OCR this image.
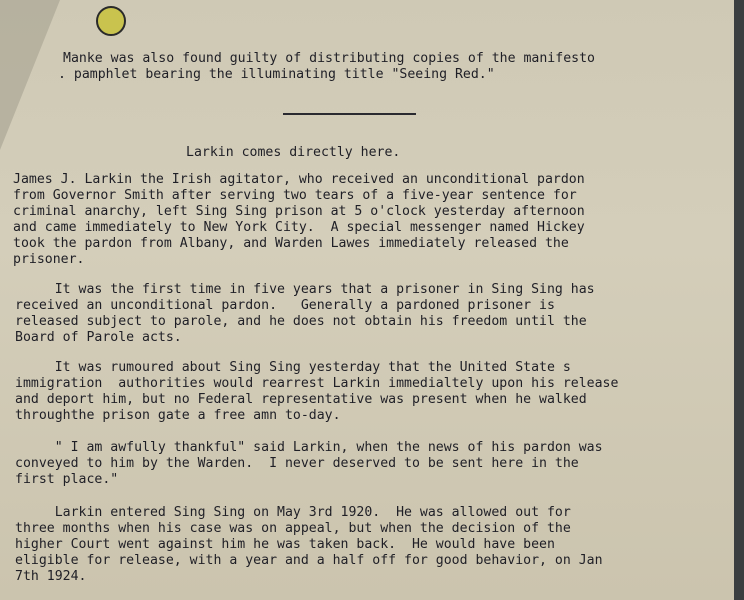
Manke was also found guilty of distributing copies of the manifesto
. pamphlet bearing the illuminating title "Seeing Red."
Larkin comes directly here.
James J. Larkin the Irish agitator, who received an unconditional pardon
from Governor Smith after serving two tears of a five-year sentence for
criminal anarchy, left Sing Sing prison at 5 o'clock yesterday afternoon
and came immediately to New York City.  A special messenger named Hickey
took the pardon from Albany, and Warden Lawes immediately released the
prisoner.
It was the first time in five years that a prisoner in Sing Sing has
received an unconditional pardon.   Generally a pardoned prisoner is
released subject to parole, and he does not obtain his freedom until the
Board of Parole acts.
It was rumoured about Sing Sing yesterday that the United State s
immigration  authorities would rearrest Larkin immedialtely upon his release
and deport him, but no Federal representative was present when he walked
throughthe prison gate a free amn to-day.
" I am awfully thankful" said Larkin, when the news of his pardon was
conveyed to him by the Warden.  I never deserved to be sent here in the
first place."
Larkin entered Sing Sing on May 3rd 1920.  He was allowed out for
three months when his case was on appeal, but when the decision of the
higher Court went against him he was taken back.  He would have been
eligible for release, with a year and a half off for good behavior, on Jan
7th 1924.
